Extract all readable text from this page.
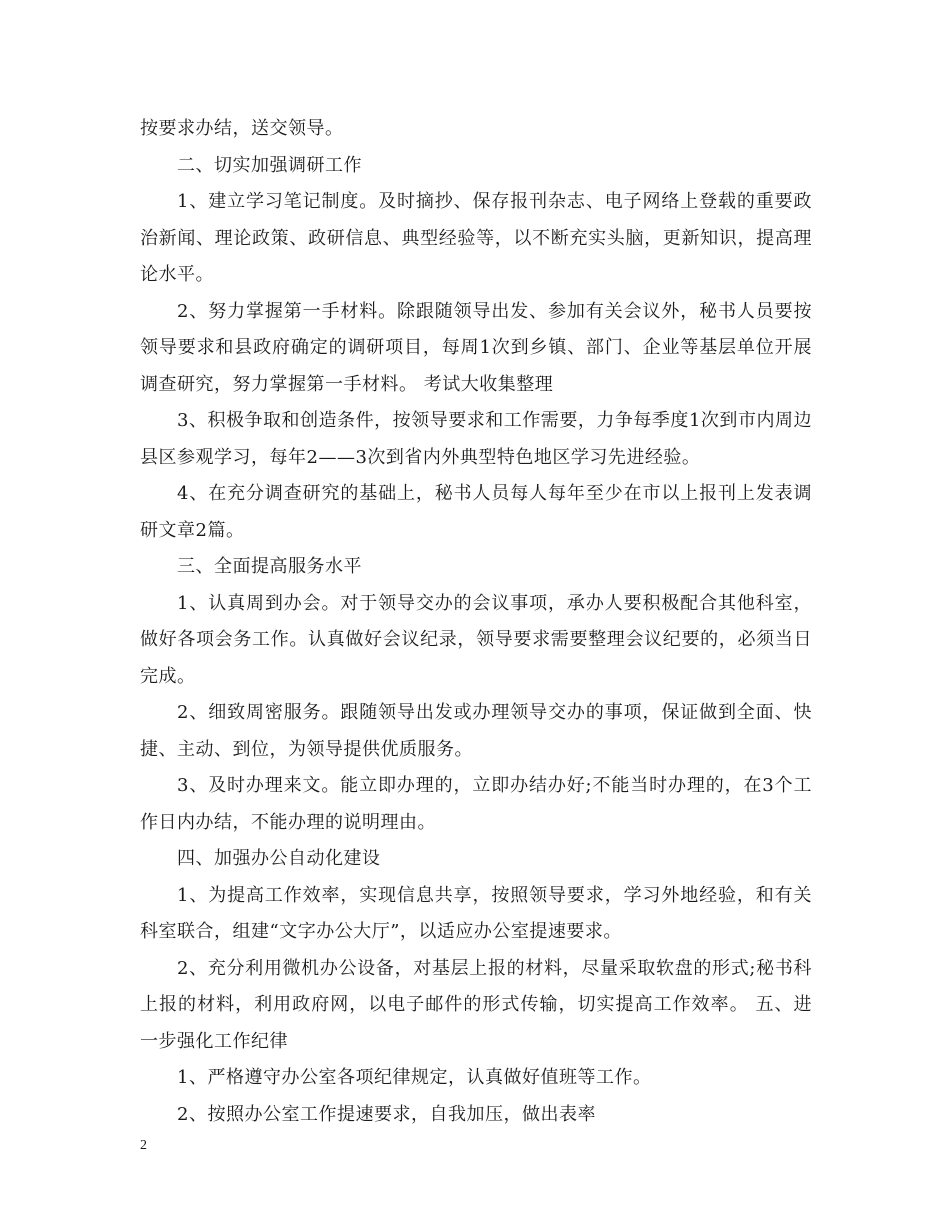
按要求办结，送交领导。

二、切实加强调研工作

1、建立学习笔记制度。及时摘抄、保存报刊杂志、电子网络上登载的重要政治新闻、理论政策、政研信息、典型经验等，以不断充实头脑，更新知识，提高理论水平。

2、努力掌握第一手材料。除跟随领导出发、参加有关会议外，秘书人员要按领导要求和县政府确定的调研项目，每周1次到乡镇、部门、企业等基层单位开展调查研究，努力掌握第一手材料。 考试大收集整理

3、积极争取和创造条件，按领导要求和工作需要，力争每季度1次到市内周边县区参观学习，每年2——3次到省内外典型特色地区学习先进经验。

4、在充分调查研究的基础上，秘书人员每人每年至少在市以上报刊上发表调研文章2篇。

三、全面提高服务水平

1、认真周到办会。对于领导交办的会议事项，承办人要积极配合其他科室，做好各项会务工作。认真做好会议纪录，领导要求需要整理会议纪要的，必须当日完成。

2、细致周密服务。跟随领导出发或办理领导交办的事项，保证做到全面、快捷、主动、到位，为领导提供优质服务。

3、及时办理来文。能立即办理的，立即办结办好;不能当时办理的，在3个工作日内办结，不能办理的说明理由。

四、加强办公自动化建设

1、为提高工作效率，实现信息共享，按照领导要求，学习外地经验，和有关科室联合，组建“文字办公大厅”，以适应办公室提速要求。

2、充分利用微机办公设备，对基层上报的材料，尽量采取软盘的形式;秘书科上报的材料，利用政府网，以电子邮件的形式传输，切实提高工作效率。 五、进一步强化工作纪律

1、严格遵守办公室各项纪律规定，认真做好值班等工作。

2、按照办公室工作提速要求，自我加压，做出表率

2
